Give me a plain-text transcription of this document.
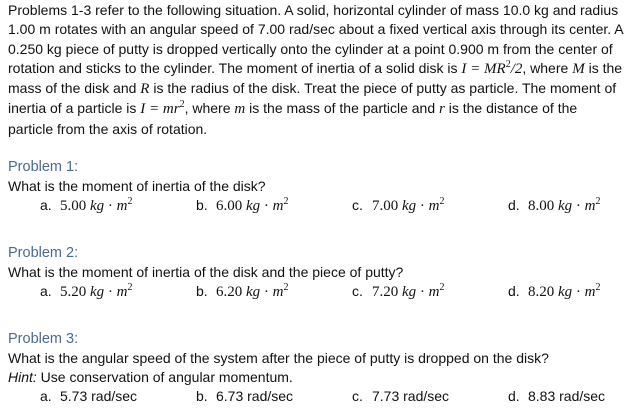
Problems 1-3 refer to the following situation. A solid, horizontal cylinder of mass 10.0 kg and radius 1.00 m rotates with an angular speed of 7.00 rad/sec about a fixed vertical axis through its center. A 0.250 kg piece of putty is dropped vertically onto the cylinder at a point 0.900 m from the center of rotation and sticks to the cylinder. The moment of inertia of a solid disk is $I = MR^2/2$, where M is the mass of the disk and R is the radius of the disk. Treat the piece of putty as particle. The moment of inertia of a particle is $I = mr^2$, where m is the mass of the particle and r is the distance of the particle from the axis of rotation.

Problem 1:

What is the moment of inertia of the disk?

a. 5.00 kg · $m^2$	b. 6.00 kg · $m^2$	c. 7.00 kg · $m^2$	d. 8.00 kg · $m^2$

Problem 2:

What is the moment of inertia of the disk and the piece of putty?

a. 5.20 kg · $m^2$	b. 6.20 kg · $m^2$	c. 7.20 kg · $m^2$	d. 8.20 kg · $m^2$

Problem 3:

What is the angular speed of the system after the piece of putty is dropped on the disk?

Hint: Use conservation of angular momentum.

a. 5.73 rad/sec	b. 6.73 rad/sec	c. 7.73 rad/sec	d. 8.83 rad/sec
